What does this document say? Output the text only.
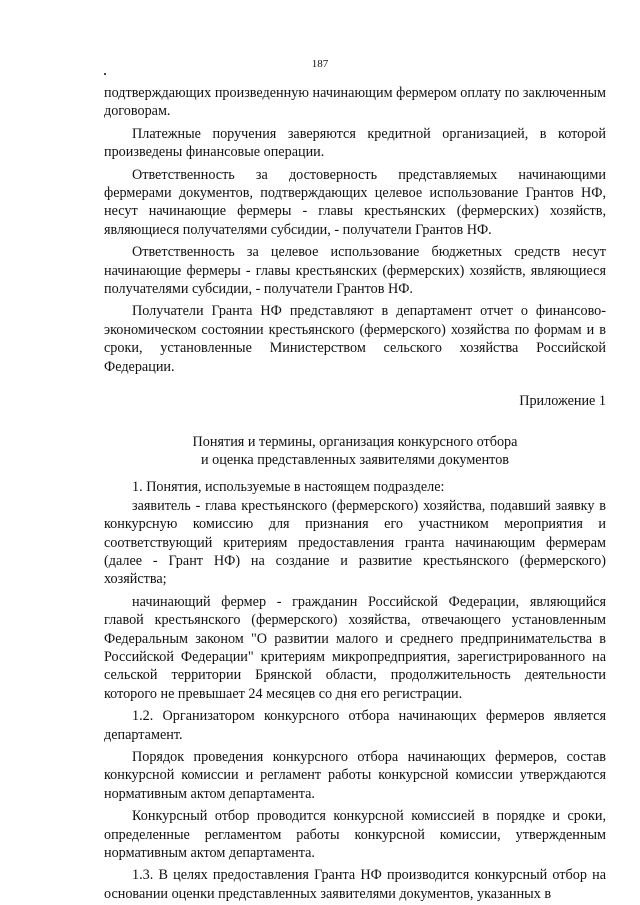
187

подтверждающих произведенную начинающим фермером оплату по заключенным договорам.

Платежные поручения заверяются кредитной организацией, в которой произведены финансовые операции.

Ответственность за достоверность представляемых начинающими фермерами документов, подтверждающих целевое использование Грантов НФ, несут начинающие фермеры - главы крестьянских (фермерских) хозяйств, являющиеся получателями субсидии, - получатели Грантов НФ.

Ответственность за целевое использование бюджетных средств несут начинающие фермеры - главы крестьянских (фермерских) хозяйств, являющиеся получателями субсидии, - получатели Грантов НФ.

Получатели Гранта НФ представляют в департамент отчет о финансово-экономическом состоянии крестьянского (фермерского) хозяйства по формам и в сроки, установленные Министерством сельского хозяйства Российской Федерации.

Приложение 1

Понятия и термины, организация конкурсного отбора

и оценка представленных заявителями документов

1. Понятия, используемые в настоящем подразделе:

заявитель - глава крестьянского (фермерского) хозяйства, подавший заявку в конкурсную комиссию для признания его участником мероприятия и соответствующий критериям предоставления гранта начинающим фермерам (далее - Грант НФ) на создание и развитие крестьянского (фермерского) хозяйства;

начинающий фермер - гражданин Российской Федерации, являющийся главой крестьянского (фермерского) хозяйства, отвечающего установленным Федеральным законом "О развитии малого и среднего предпринимательства в Российской Федерации" критериям микропредприятия, зарегистрированного на сельской территории Брянской области, продолжительность деятельности которого не превышает 24 месяцев со дня его регистрации.

1.2. Организатором конкурсного отбора начинающих фермеров является департамент.

Порядок проведения конкурсного отбора начинающих фермеров, состав конкурсной комиссии и регламент работы конкурсной комиссии утверждаются нормативным актом департамента.

Конкурсный отбор проводится конкурсной комиссией в порядке и сроки, определенные регламентом работы конкурсной комиссии, утвержденным нормативным актом департамента.

1.3. В целях предоставления Гранта НФ производится конкурсный отбор на основании оценки представленных заявителями документов, указанных в
